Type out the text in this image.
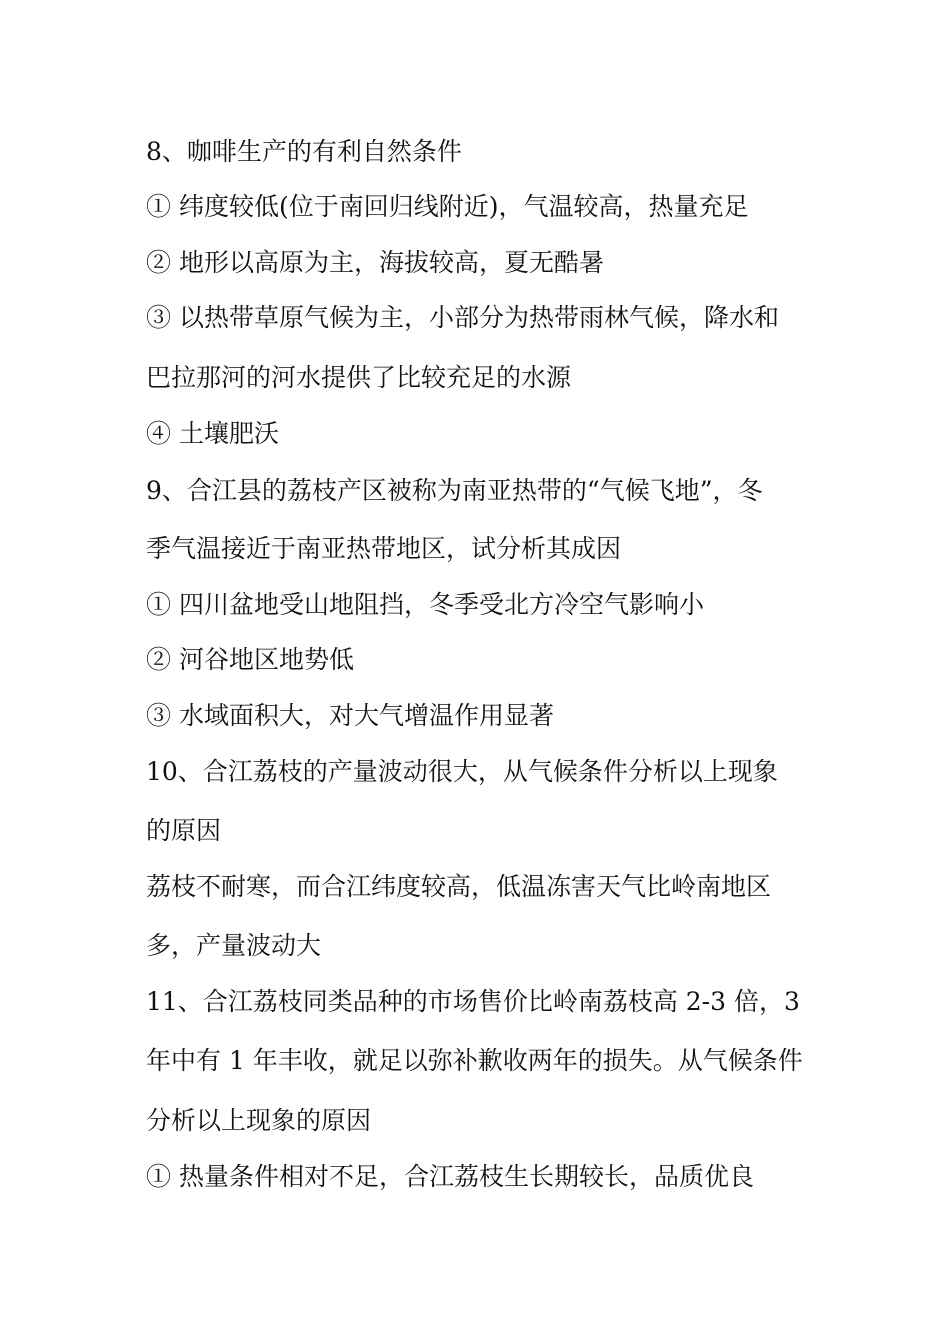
8、咖啡生产的有利自然条件
① 纬度较低(位于南回归线附近)，气温较高，热量充足
② 地形以高原为主，海拔较高，夏无酷暑
③ 以热带草原气候为主，小部分为热带雨林气候，降水和
巴拉那河的河水提供了比较充足的水源
④ 土壤肥沃
9、合江县的荔枝产区被称为南亚热带的“气候飞地”，冬
季气温接近于南亚热带地区，试分析其成因
① 四川盆地受山地阻挡，冬季受北方冷空气影响小
② 河谷地区地势低
③ 水域面积大，对大气增温作用显著
10、合江荔枝的产量波动很大，从气候条件分析以上现象
的原因
荔枝不耐寒，而合江纬度较高，低温冻害天气比岭南地区
多，产量波动大
11、合江荔枝同类品种的市场售价比岭南荔枝高 2-3 倍，3
年中有 1 年丰收，就足以弥补歉收两年的损失。从气候条件
分析以上现象的原因
① 热量条件相对不足，合江荔枝生长期较长，品质优良
